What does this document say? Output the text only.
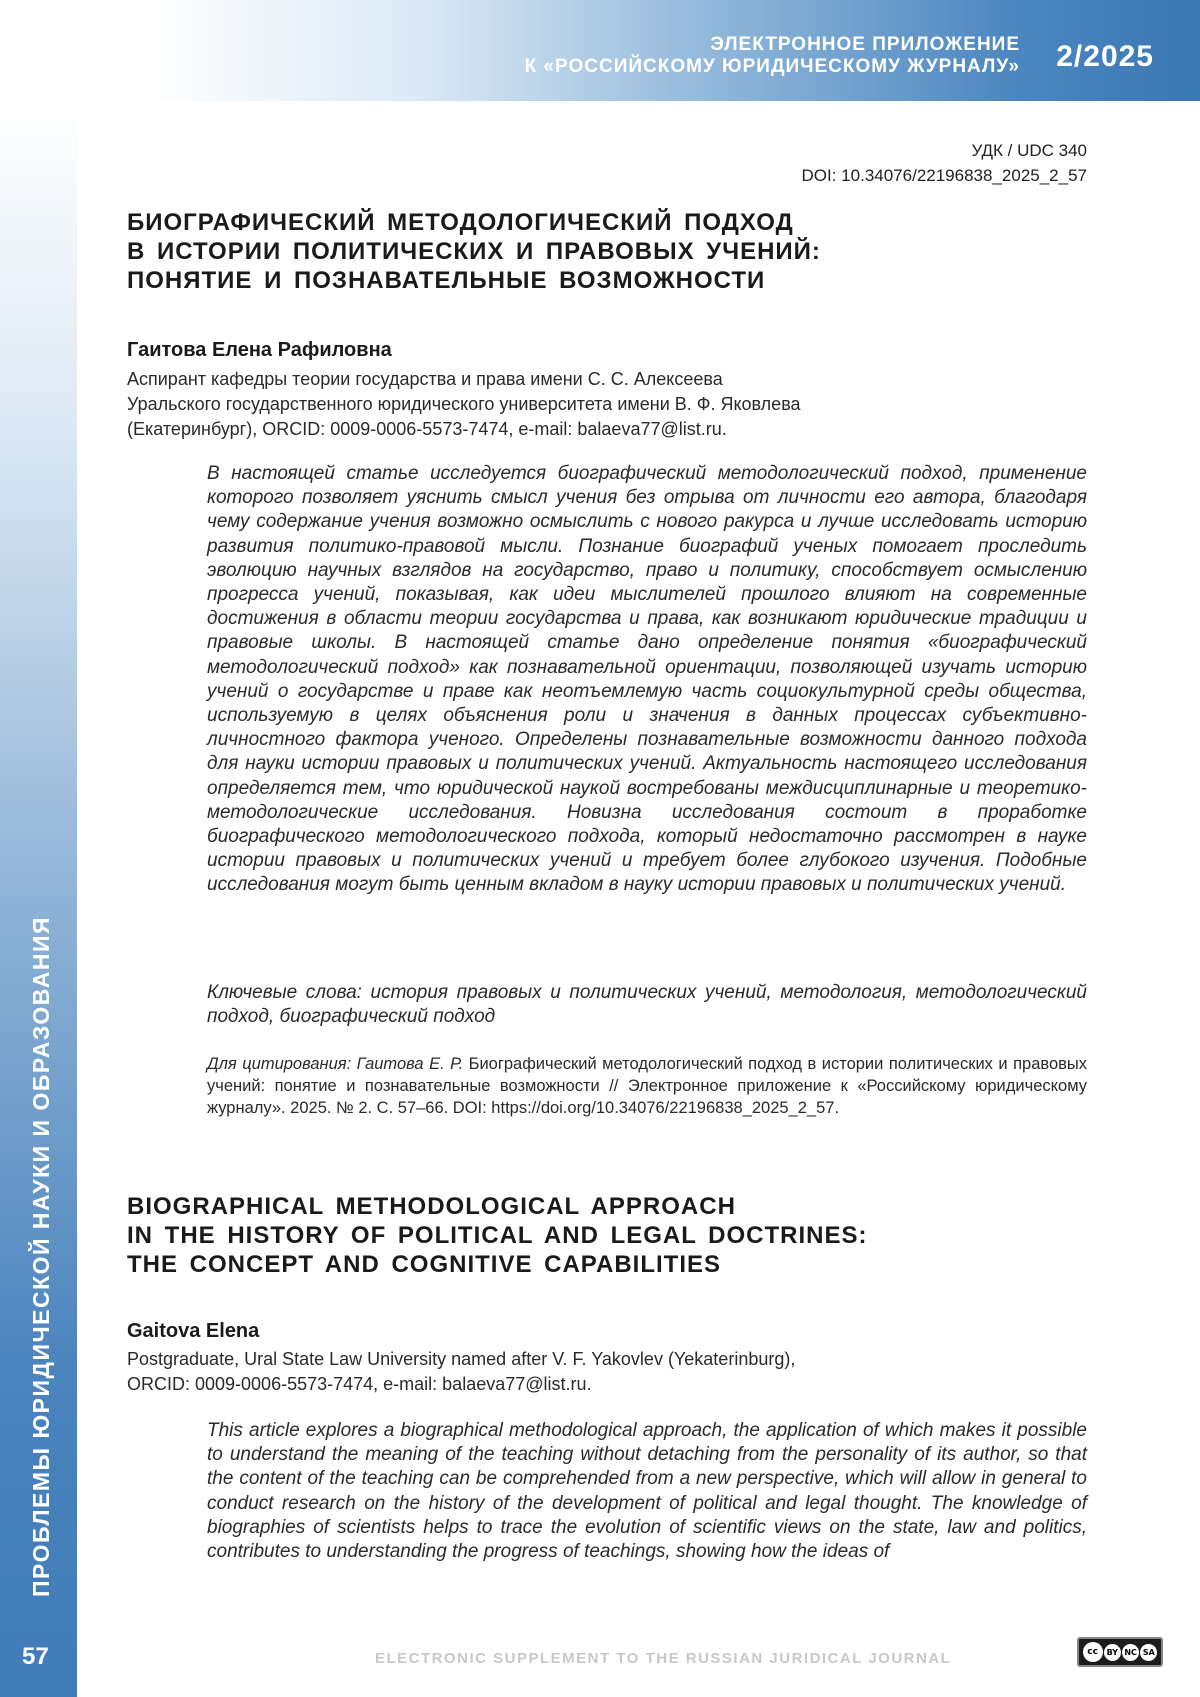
ЭЛЕКТРОННОЕ ПРИЛОЖЕНИЕ
К «РОССИЙСКОМУ ЮРИДИЧЕСКОМУ ЖУРНАЛУ» 2/2025
ПРОБЛЕМЫ ЮРИДИЧЕСКОЙ НАУКИ И ОБРАЗОВАНИЯ
57
УДК / UDC 340
DOI: 10.34076/22196838_2025_2_57
БИОГРАФИЧЕСКИЙ МЕТОДОЛОГИЧЕСКИЙ ПОДХОД
В ИСТОРИИ ПОЛИТИЧЕСКИХ И ПРАВОВЫХ УЧЕНИЙ:
ПОНЯТИЕ И ПОЗНАВАТЕЛЬНЫЕ ВОЗМОЖНОСТИ
Гаитова Елена Рафиловна
Аспирант кафедры теории государства и права имени С. С. Алексеева
Уральского государственного юридического университета имени В. Ф. Яковлева
(Екатеринбург), ORCID: 0009-0006-5573-7474, e-mail: balaeva77@list.ru.

В настоящей статье исследуется биографический методологический подход, применение которого позволяет уяснить смысл учения без отрыва от личности его автора, благодаря чему содержание учения возможно осмыслить с нового ракурса и лучше исследовать историю развития политико-правовой мысли. Познание биографий ученых помогает проследить эволюцию научных взглядов на государство, право и политику, способствует осмыслению прогресса учений, показывая, как идеи мыслителей прошлого влияют на современные достижения в области теории государства и права, как возникают юридические традиции и правовые школы. В настоящей статье дано определение понятия «биографический методологический подход» как познавательной ориентации, позволяющей изучать историю учений о государстве и праве как неотъемлемую часть социокультурной среды общества, используемую в целях объяснения роли и значения в данных процессах субъективно-личностного фактора ученого. Определены познавательные возможности данного подхода для науки истории правовых и политических учений. Актуальность настоящего исследования определяется тем, что юридической наукой востребованы междисциплинарные и теоретико-методологические исследования. Новизна исследования состоит в проработке биографического методологического подхода, который недостаточно рассмотрен в науке истории правовых и политических учений и требует более глубокого изучения. Подобные исследования могут быть ценным вкладом в науку истории правовых и политических учений.

Ключевые слова: история правовых и политических учений, методология, методологический подход, биографический подход
Для цитирования: Гаитова Е. Р. Биографический методологический подход в истории политических и правовых учений: понятие и познавательные возможности // Электронное приложение к «Российскому юридическому журналу». 2025. № 2. С. 57–66. DOI: https://doi.org/10.34076/22196838_2025_2_57.
BIOGRAPHICAL METHODOLOGICAL APPROACH
IN THE HISTORY OF POLITICAL AND LEGAL DOCTRINES:
THE CONCEPT AND COGNITIVE CAPABILITIES
Gaitova Elena
Postgraduate, Ural State Law University named after V. F. Yakovlev (Yekaterinburg),
ORCID: 0009-0006-5573-7474, e-mail: balaeva77@list.ru.

This article explores a biographical methodological approach, the application of which makes it possible to understand the meaning of the teaching without detaching from the personality of its author, so that the content of the teaching can be comprehended from a new perspective, which will allow in general to conduct research on the history of the development of political and legal thought. The knowledge of biographies of scientists helps to trace the evolution of scientific views on the state, law and politics, contributes to understanding the progress of teachings, showing how the ideas of

ELECTRONIC SUPPLEMENT TO THE RUSSIAN JURIDICAL JOURNAL	cc	BY NC SA
